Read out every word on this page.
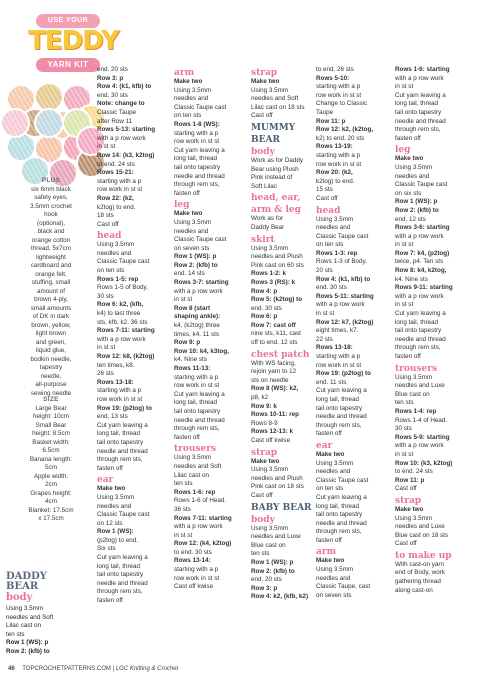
USE YOUR
TEDDY
YARN KIT
PLUS
six 6mm black
safety eyes,
3.5mm crochet
hook
(optional),
black and
orange cotton
thread, 5x7cm
lightweight
cardboard and
orange felt,
stuffing, small
amount of
brown 4-ply,
small amounts
of DK in dark
brown, yellow,
light brown
and green,
liquid glue,
bodkin needle,
tapestry
needle,
all-purpose
sewing needle
SIZE
Large Bear
height: 10cm
Small Bear
height: 8.5cm
Basket width:
6.5cm
Banana length:
5cm
Apple width:
2cm
Grapes height:
4cm
Blanket: 17.5cm
x 17.5cm
DADDY
BEAR
body

Using 3.5mm

needles and Soft

Lilac cast on

ten sts

Row 1 (WS): p

Row 2: (kfb) to

end. 20 sts
Row 3: p
Row 4: (k1, kfb) to
end. 30 sts
Note: change to
Classic Taupe
after Row 11
Rows 5-13: starting
with a p row work
in st st
Row 14: (k3, k2tog)
to end. 24 sts
Rows 15-21:
starting with a p
row work in st st
Row 22: (k2,
k2tog) to end.
18 sts
Cast off
head
Using 3.5mm
needles and
Classic Taupe cast
on ten sts
Rows 1-5: rep
Rows 1-5 of Body.
30 sts
Row 6: k2, (kfb,
k4) to last three
sts, kfb, k2. 36 sts
Rows 7-11: starting
with a p row work
in st st
Row 12: k8, (k2tog)
ten times, k8.
26 sts
Rows 13-18:
starting with a p
row work in st st
Row 19: (p2tog) to
end. 13 sts
Cut yarn leaving a
long tail, thread
tail onto tapestry
needle and thread
through rem sts,
fasten off
ear
Make two
Using 3.5mm
needles and
Classic Taupe cast
on 12 sts
Row 1 (WS):
(p2tog) to end.
Six sts
Cut yarn leaving a
long tail, thread
tail onto tapestry
needle and thread
through rem sts,
fasten off
arm
Make two
Using 3.5mm
needles and
Classic Taupe cast
on ten sts
Rows 1-8 (WS):
starting with a p
row work in st st
Cut yarn leaving a
long tail, thread
tail onto tapestry
needle and thread
through rem sts,
fasten off
leg
Make two
Using 3.5mm
needles and
Classic Taupe cast
on seven sts
Row 1 (WS): p
Row 2: (kfb) to
end. 14 sts
Rows 3-7: starting
with a p row work
in st st
Row 8 (start
shaping ankle):
k4, (k2tog) three
times, k4. 11 sts
Row 9: p
Row 10: k4, k3tog,
k4. Nine sts
Rows 11-13:
starting with a p
row work in st st
Cut yarn leaving a
long tail, thread
tail onto tapestry
needle and thread
through rem sts,
fasten off
trousers
Using 3.5mm
needles and Soft
Lilac cast on
ten sts
Rows 1-6: rep
Rows 1-6 of Head.
36 sts
Rows 7-11: starting
with a p row work
in st st
Row 12: (k4, k2tog)
to end. 30 sts
Rows 13-14:
starting with a p
row work in st st
Cast off kwise
strap
Make two
Using 3.5mm
needles and Soft
Lilac cast on 18 sts
Cast off
MUMMY
BEAR
body
Work as for Daddy
Bear using Plush
Pink instead of
Soft Lilac
head, ear,
arm & leg
Work as for
Daddy Bear
skirt
Using 3.5mm
needles and Plush
Pink cast on 60 sts
Rows 1-2: k
Rows 3 (RS): k
Row 4: p
Row 5: (k2tog) to
end. 30 sts
Row 6: p
Row 7: cast off
nine sts, k11, cast
off to end. 12 sts
chest patch
With WS facing,
rejoin yarn to 12
sts on needle
Row 8 (WS): k2,
p8, k2
Row 9: k
Rows 10-11: rep
Rows 8-9
Rows 12-13: k
Cast off kwise
strap
Make two
Using 3.5mm
needles and Plush
Pink cast on 18 sts
Cast off
BABY BEAR
body
Using 3.5mm
needles and Luxe
Blue cast on
ten sts
Row 1 (WS): p
Row 2: (kfb) to
end. 20 sts
Row 3: p
Row 4: k2, (kfb, k2)
to end. 26 sts
Rows 5-10:
starting with a p
row work in st st
Change to Classic
Taupe
Row 11: p
Row 12: k2, (k2tog,
k2) to end. 20 sts
Rows 13-19:
starting with a p
row work in st st
Row 20: (k2,
k2tog) to end.
15 sts
Cast off
head
Using 3.5mm
needles and
Classic Taupe cast
on ten sts
Rows 1-3: rep
Rows 1-3 of Body.
20 sts
Row 4: (k1, kfb) to
end. 30 sts
Rows 5-11: starting
with a p row work
in st st
Row 12: k7, (k2tog)
eight times, k7.
22 sts
Rows 13-18:
starting with a p
row work in st st
Row 19: (p2tog) to
end. 11 sts
Cut yarn leaving a
long tail, thread
tail onto tapestry
needle and thread
through rem sts,
fasten off
ear
Make two
Using 3.5mm
needles and
Classic Taupe cast
on ten sts
Cut yarn leaving a
long tail, thread
tail onto tapestry
needle and thread
through rem sts,
fasten off
arm
Make two
Using 3.5mm
needles and
Classic Taupe, cast
on seven sts
Rows 1-6: starting
with a p row work
in st st
Cut yarn leaving a
long tail, thread
tail onto tapestry
needle and thread
through rem sts,
fasten off
leg
Make two
Using 3.5mm
needles and
Classic Taupe cast
on six sts
Row 1 (WS): p
Row 2: (kfb) to
end. 12 sts
Rows 3-6: starting
with a p row work
in st st
Row 7: k4, (p2tog)
twice, p4. Ten sts
Row 8: k4, k2tog,
k4. Nine sts
Rows 9-11: starting
with a p row work
in st st
Cut yarn leaving a
long tail, thread
tail onto tapestry
needle and thread
through rem sts,
fasten off
trousers
Using 3.5mm
needles and Luxe
Blue cast on
ten sts
Rows 1-4: rep
Rows 1-4 of Head.
30 sts
Rows 5-9: starting
with a p row work
in st st
Row 10: (k3, k2tog)
to end. 24 sts
Row 11: p
Cast off
strap
Make two
Using 3.5mm
needles and Luxe
Blue cast on 18 sts
Cast off
to make up
With cast-on yarn
end of Body, work
gathering thread
along cast-on
46 TOPCROCHETPATTERNS.COM | LGC Knitting & Crochet
